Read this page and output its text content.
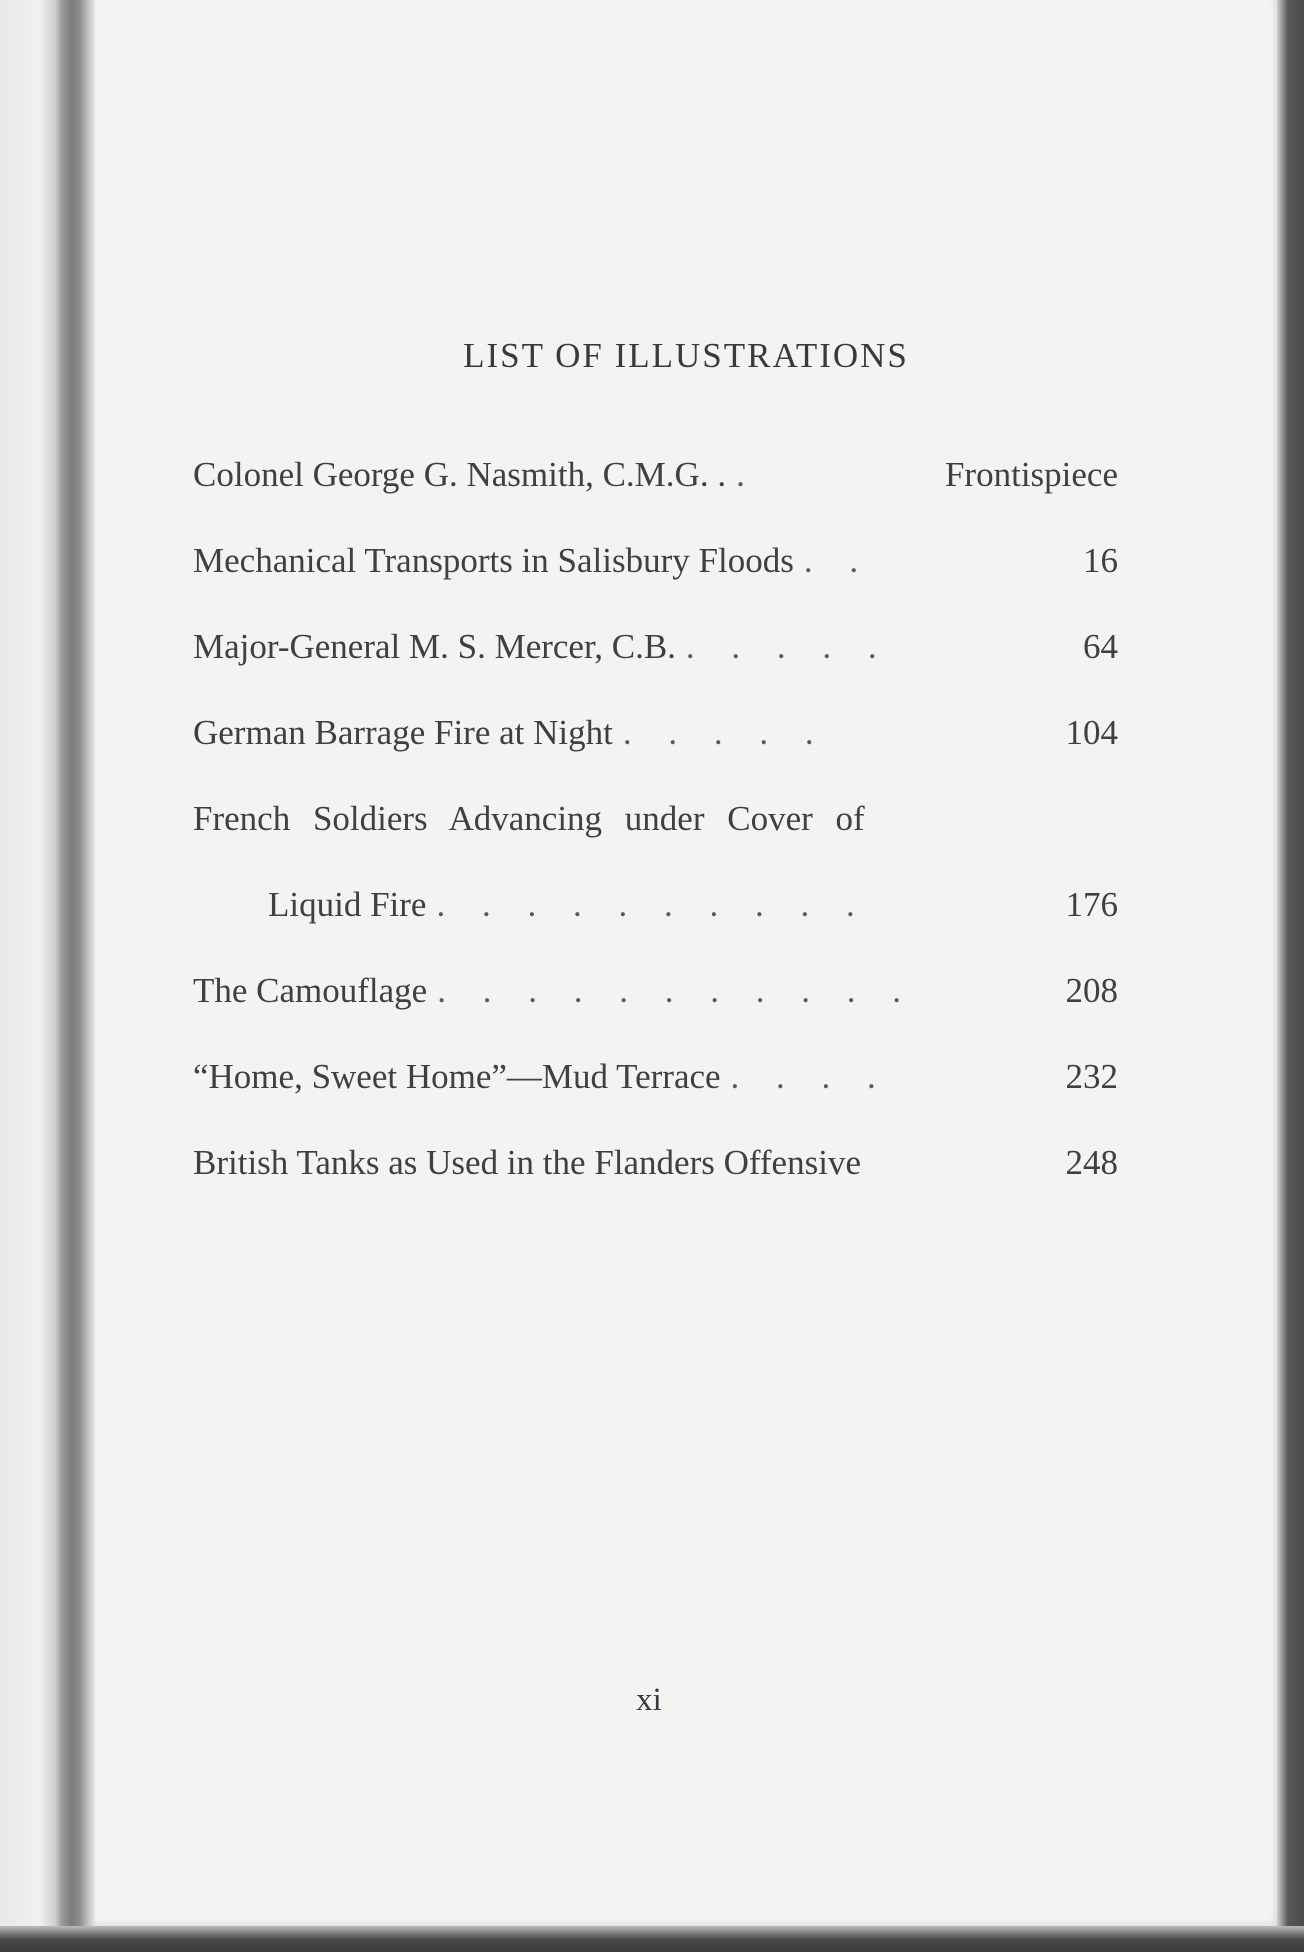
LIST OF ILLUSTRATIONS
Colonel George G. Nasmith, C.M.G. . .	Frontispiece
Mechanical Transports in Salisbury Floods . .	16
Major-General M. S. Mercer, C.B. . . . . .	64
German Barrage Fire at Night . . . . .	104
French Soldiers Advancing under Cover of
Liquid Fire . . . . . . . . . .	176
The Camouflage . . . . . . . . . . .	208
“Home, Sweet Home”—Mud Terrace . . . .	232
British Tanks as Used in the Flanders Offensive	248
xi
